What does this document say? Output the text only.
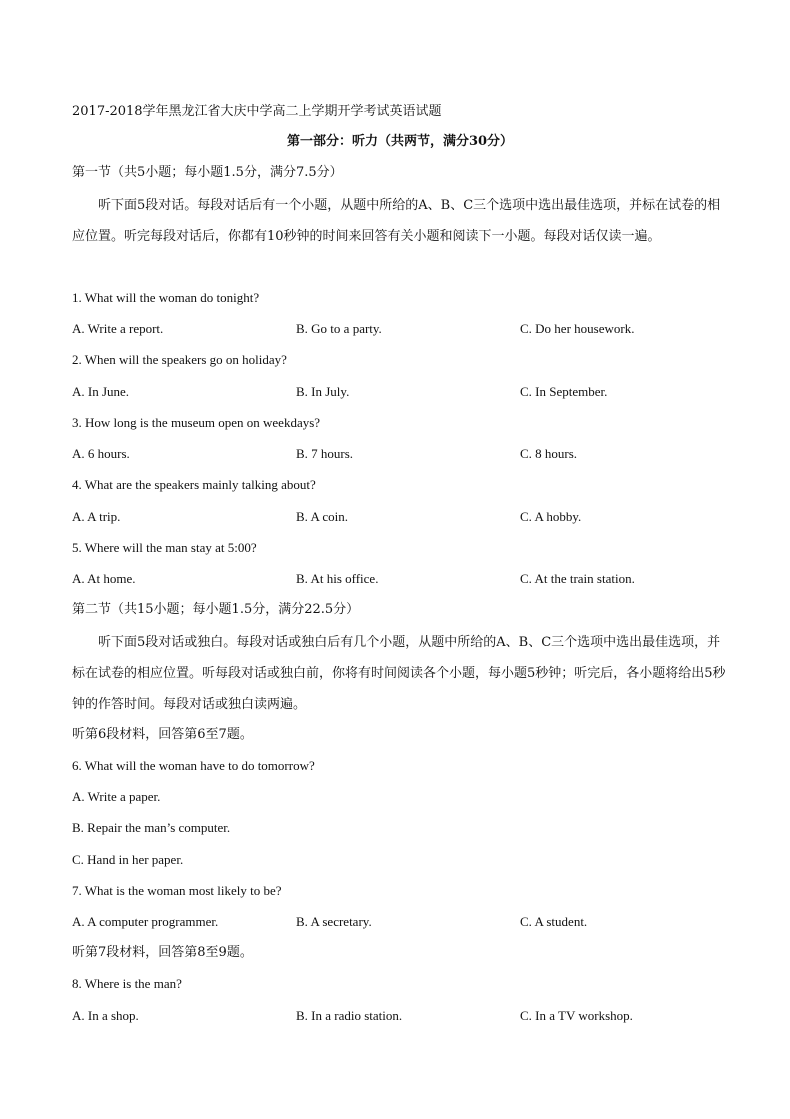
2017-2018学年黑龙江省大庆中学高二上学期开学考试英语试题
第一部分：听力（共两节，满分30分）
第一节（共5小题；每小题1.5分，满分7.5分）
听下面5段对话。每段对话后有一个小题，从题中所给的A、B、C三个选项中选出最佳选项，并标在试卷的相应位置。听完每段对话后，你都有10秒钟的时间来回答有关小题和阅读下一小题。每段对话仅读一遍。
1. What will the woman do tonight?
A. Write a report.	B. Go to a party.	C. Do her housework.
2. When will the speakers go on holiday?
A. In June.	B. In July.	C. In September.
3. How long is the museum open on weekdays?
A. 6 hours.	B. 7 hours.	C. 8 hours.
4. What are the speakers mainly talking about?
A. A trip.	B. A coin.	C. A hobby.
5. Where will the man stay at 5:00?
A. At home.	B. At his office.	C. At the train station.
第二节（共15小题；每小题1.5分，满分22.5分）
听下面5段对话或独白。每段对话或独白后有几个小题，从题中所给的A、B、C三个选项中选出最佳选项，并标在试卷的相应位置。听每段对话或独白前，你将有时间阅读各个小题，每小题5秒钟；听完后，各小题将给出5秒钟的作答时间。每段对话或独白读两遍。
听第6段材料，回答第6至7题。
6. What will the woman have to do tomorrow?
A. Write a paper.
B. Repair the man’s computer.
C. Hand in her paper.
7. What is the woman most likely to be?
A. A computer programmer.	B. A secretary.	C. A student.
听第7段材料，回答第8至9题。
8. Where is the man?
A. In a shop.	B. In a radio station.	C. In a TV workshop.
